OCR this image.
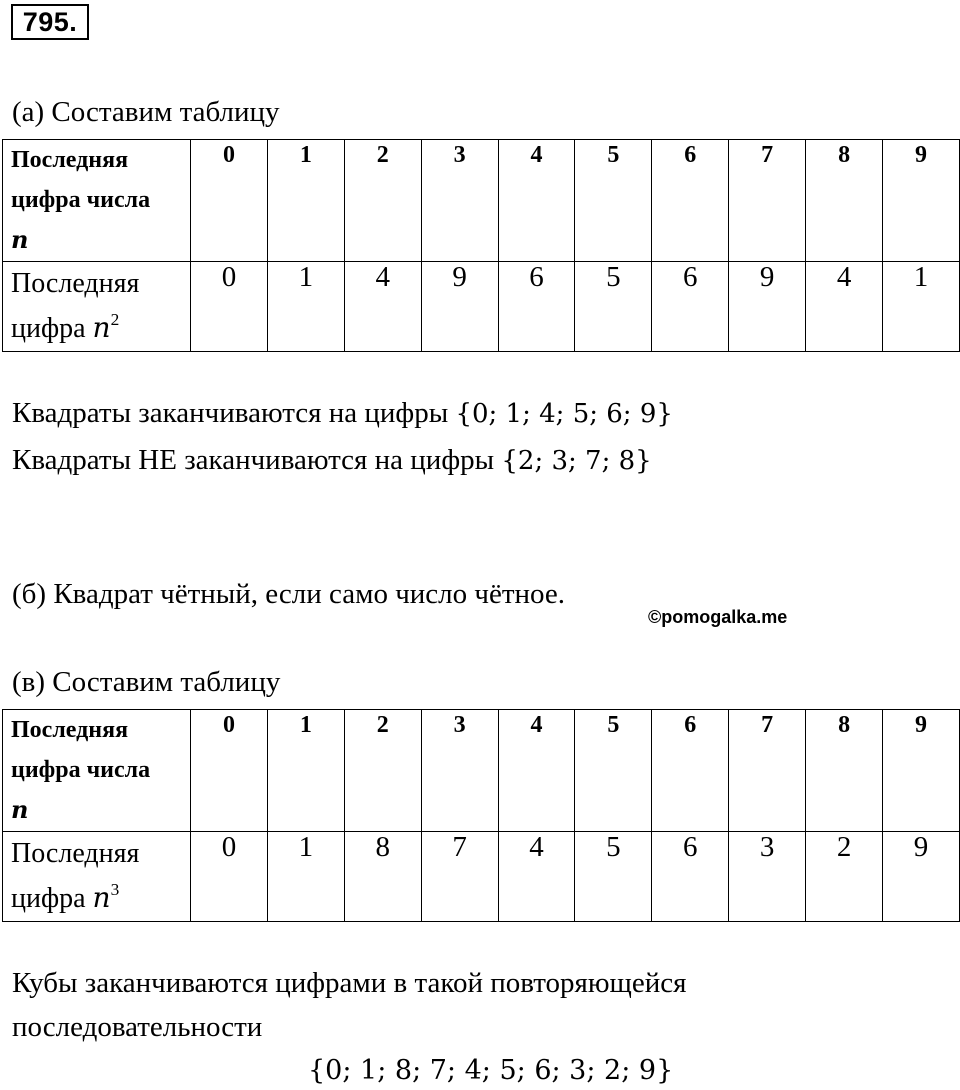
795.
(а) Составим таблицу
Последняя
цифра числа
n	0	1	2	3	4	5	6	7	8	9

Последняя
цифра $n^2$	0	1	4	9	6	5	6	9	4	1
Квадраты заканчиваются на цифры {0; 1; 4; 5; 6; 9}
Квадраты НЕ заканчиваются на цифры {2; 3; 7; 8}
(б) Квадрат чётный, если само число чётное.
©pomogalka.me
(в) Составим таблицу
Последняя
цифра числа
n	0	1	2	3	4	5	6	7	8	9

Последняя
цифра $n^3$	0	1	8	7	4	5	6	3	2	9
Кубы заканчиваются цифрами в такой повторяющейся
последовательности
{0; 1; 8; 7; 4; 5; 6; 3; 2; 9}
